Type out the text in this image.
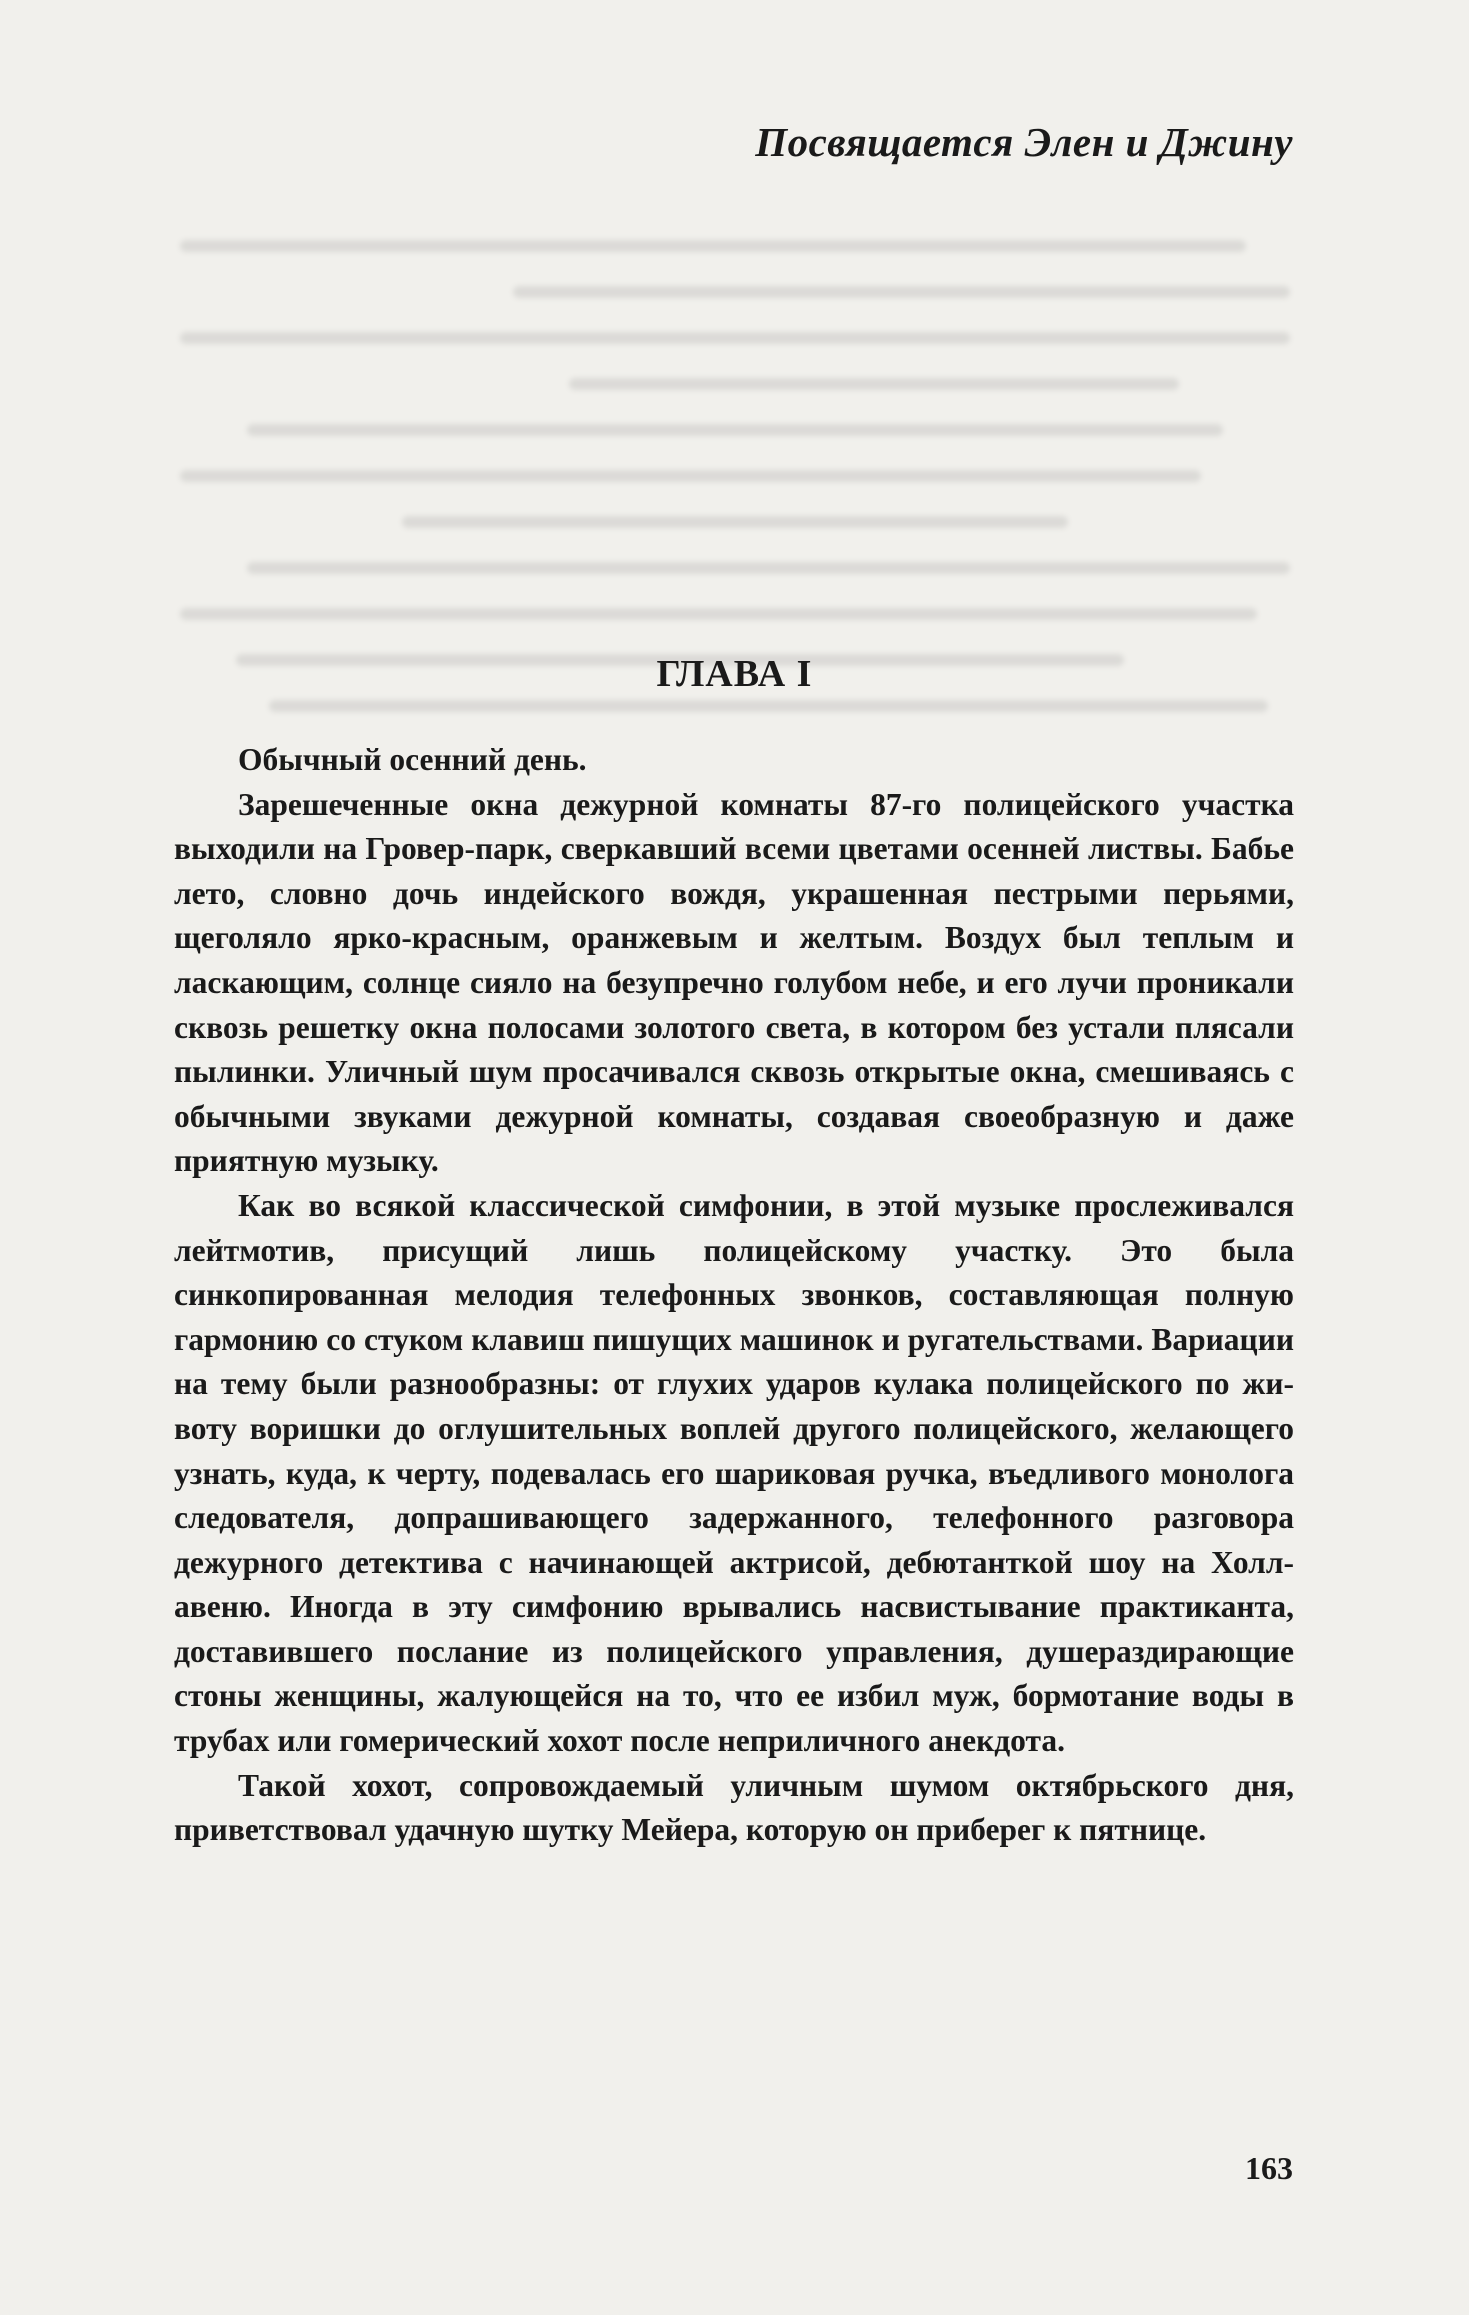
Посвящается Элен и Джину

ГЛАВА I

Обычный осенний день.

Зарешеченные окна дежурной комнаты 87-го полицейского участка выходили на Гровер-парк, сверкавший всеми цветами осенней листвы. Бабье лето, словно дочь индейского вождя, украшенная пестрыми перьями, щеголяло ярко-красным, оранжевым и желтым. Воздух был теплым и ласкающим, солнце сияло на безупречно голубом небе, и его лучи проникали сквозь решетку окна полосами золотого света, в котором без устали плясали пылинки. Уличный шум просачивался сквозь открытые окна, смешиваясь с обычными звуками дежурной комнаты, создавая своеобразную и даже приятную музыку.

Как во всякой классической симфонии, в этой музыке прослеживался лейтмотив, присущий лишь полицейскому участку. Это была синкопированная мелодия телефонных звонков, составляющая полную гармонию со стуком клавиш пишущих машинок и ругательствами. Вариации на тему были разнообразны: от глухих ударов кулака полицейского по животу воришки до оглушительных воплей другого полицейского, желающего узнать, куда, к черту, подевалась его шариковая ручка, въедливого монолога следователя, допрашивающего задержанного, телефонного разговора дежурного детектива с начинающей актрисой, дебютанткой шоу на Холл-авеню. Иногда в эту симфонию врывались насвистывание практиканта, доставившего послание из полицейского управления, душераздирающие стоны женщины, жалующейся на то, что ее избил муж, бормотание воды в трубах или гомерический хохот после неприличного анекдота.

Такой хохот, сопровождаемый уличным шумом октябрьского дня, приветствовал удачную шутку Мейера, которую он приберег к пятнице.

163
